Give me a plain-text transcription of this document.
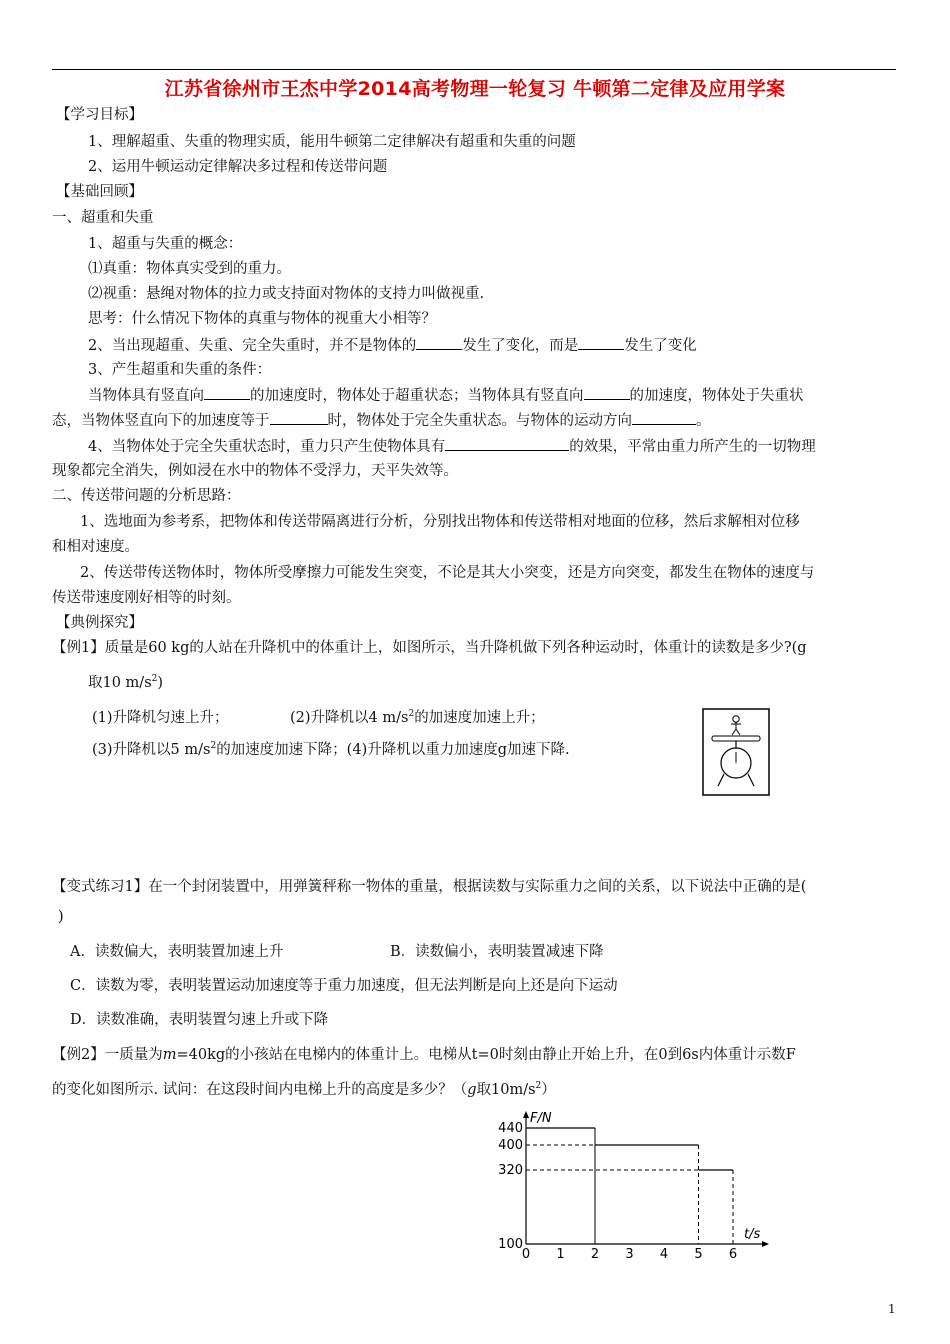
江苏省徐州市王杰中学2014高考物理一轮复习 牛顿第二定律及应用学案
【学习目标】
1、理解超重、失重的物理实质，能用牛顿第二定律解决有超重和失重的问题
2、运用牛顿运动定律解决多过程和传送带问题
【基础回顾】
一、超重和失重
1、超重与失重的概念：
⑴真重：物体真实受到的重力。
⑵视重：悬绳对物体的拉力或支持面对物体的支持力叫做视重.
思考：什么情况下物体的真重与物体的视重大小相等？
2、当出现超重、失重、完全失重时，并不是物体的	发生了变化，而是	发生了变化
3、产生超重和失重的条件：
当物体具有竖直向	的加速度时，物体处于超重状态；当物体具有竖直向	的加速度，物体处于失重状
态，当物体竖直向下的加速度等于	时，物体处于完全失重状态。与物体的运动方向	。
4、当物体处于完全失重状态时，重力只产生使物体具有	的效果，平常由重力所产生的一切物理
现象都完全消失，例如浸在水中的物体不受浮力，天平失效等。
二、传送带问题的分析思路：
1、选地面为参考系，把物体和传送带隔离进行分析，分别找出物体和传送带相对地面的位移，然后求解相对位移
和相对速度。
2、传送带传送物体时，物体所受摩擦力可能发生突变，不论是其大小突变，还是方向突变，都发生在物体的速度与
传送带速度刚好相等的时刻。
【典例探究】
【例1】质量是60 kg的人站在升降机中的体重计上，如图所示，当升降机做下列各种运动时，体重计的读数是多少?(g
取10 $m/s^2$)
(1)升降机匀速上升；	(2)升降机以4 $m/s^2$的加速度加速上升；
(3)升降机以5 $m/s^2$的加速度加速下降；(4)升降机以重力加速度g加速下降.
【变式练习1】在一个封闭装置中，用弹簧秤称一物体的重量，根据读数与实际重力之间的关系，以下说法中正确的是(
)
A．读数偏大，表明装置加速上升	B．读数偏小，表明装置减速下降
C．读数为零，表明装置运动加速度等于重力加速度，但无法判断是向上还是向下运动
D．读数准确，表明装置匀速上升或下降
【例2】一质量为m=40kg的小孩站在电梯内的体重计上。电梯从t=0时刻由静止开始上升，在0到6s内体重计示数F
的变化如图所示. 试问：在这段时间内电梯上升的高度是多少？（g取$10m/s^2$）
F/N
t/s
440
400
320
100
0 1 2 3 4 5 6
1
